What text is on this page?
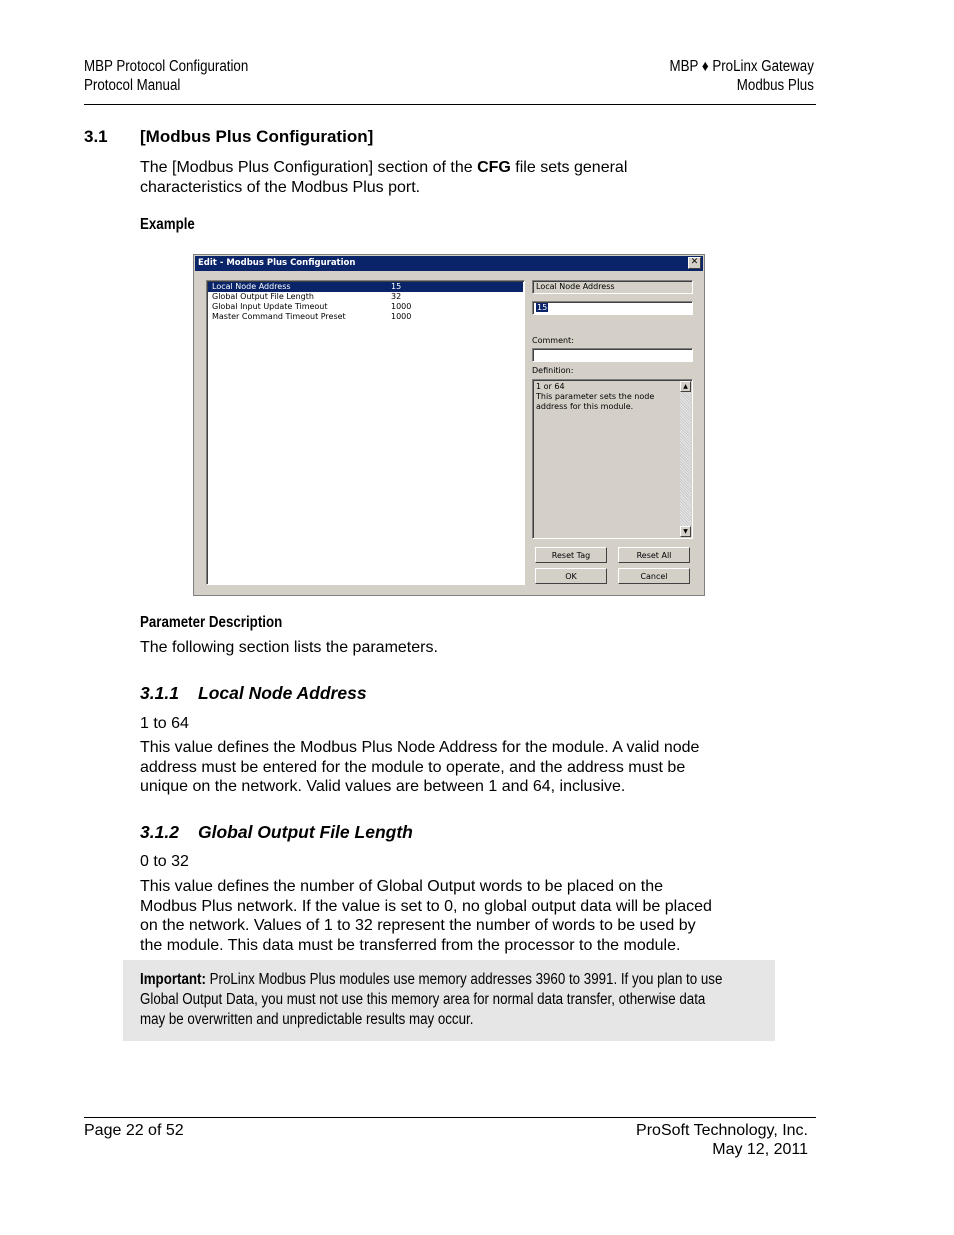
MBP Protocol Configuration
Protocol Manual
MBP ♦ ProLinx Gateway
Modbus Plus
3.1 [Modbus Plus Configuration]
The [Modbus Plus Configuration] section of the CFG file sets general
characteristics of the Modbus Plus port.
Example
Edit - Modbus Plus Configuration	✕
Local Node Address	15
Global Output File Length	32
Global Input Update Timeout	1000
Master Command Timeout Preset	1000
Local Node Address
15
Comment:
Definition:
1 or 64
This parameter sets the node
address for this module.
▲
▼
Reset Tag	Reset All
OK	Cancel
Parameter Description
The following section lists the parameters.
3.1.1 Local Node Address
1 to 64
This value defines the Modbus Plus Node Address for the module. A valid node
address must be entered for the module to operate, and the address must be
unique on the network. Valid values are between 1 and 64, inclusive.
3.1.2 Global Output File Length
0 to 32
This value defines the number of Global Output words to be placed on the
Modbus Plus network. If the value is set to 0, no global output data will be placed
on the network. Values of 1 to 32 represent the number of words to be used by
the module. This data must be transferred from the processor to the module.
Important: ProLinx Modbus Plus modules use memory addresses 3960 to 3991. If you plan to use
Global Output Data, you must not use this memory area for normal data transfer, otherwise data
may be overwritten and unpredictable results may occur.
Page 22 of 52	ProSoft Technology, Inc.
May 12, 2011
